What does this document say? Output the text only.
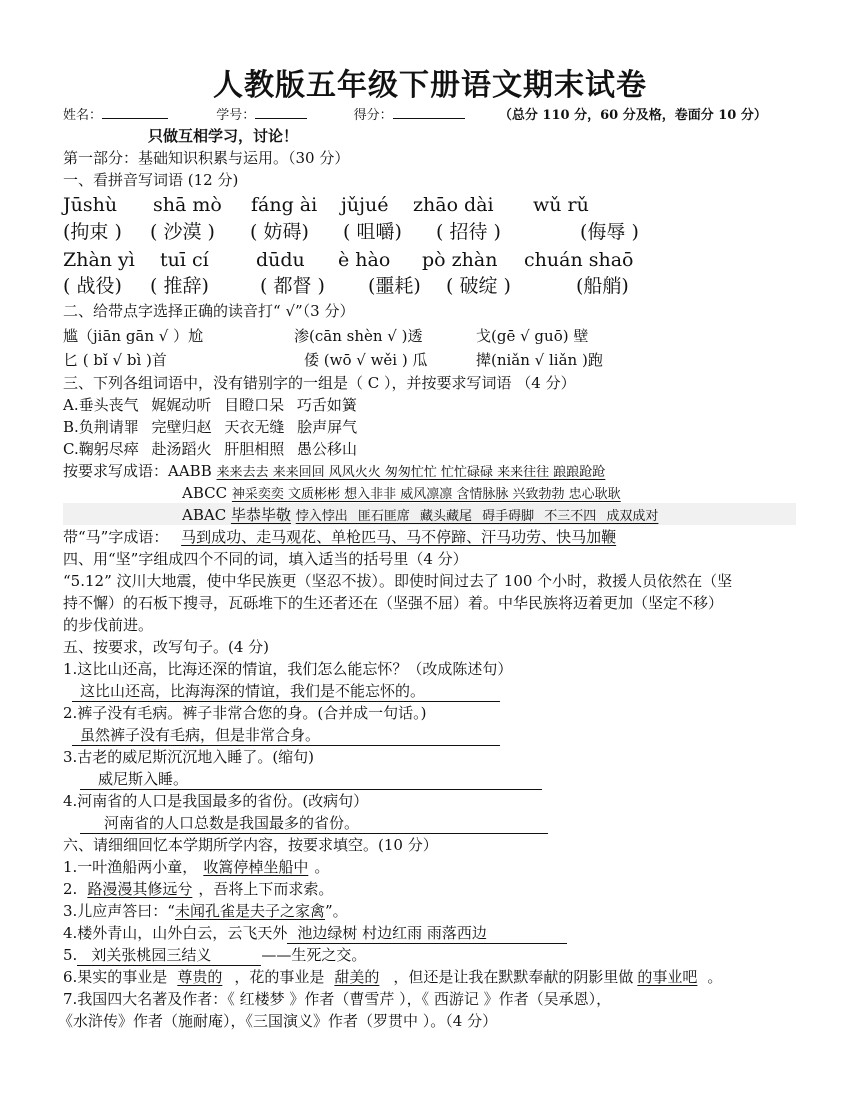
人教版五年级下册语文期末试卷
姓名：	学号：	得分：	（总分 110 分，60 分及格，卷面分 10 分）
只做互相学习，讨论！
第一部分：基础知识积累与运用。（30 分）
一、看拼音写词语 (12 分)
Jūshù shā mò fáng ài jǔjué zhāo dài wǔ rǔ
(拘束 ) ( 沙漠 ) ( 妨碍) ( 咀嚼) ( 招待 )	(侮辱 )
Zhàn yì tuī cí dūdu è hào pò zhàn chuán shaō
( 战役) ( 推辞)	( 都督 ) (噩耗) ( 破绽 )	(船艄)
二、给带点字选择正确的读音打“ √”（3 分）
尴（jiān gān √ ）尬	渗(cān shèn √ )透	戈(gē √ guō) 壁
匕 ( bǐ √ bì )首	倭 (wō √ wěi ) 瓜	撵(niǎn √ liǎn )跑
三、下列各组词语中，没有错别字的一组是（ C ），并按要求写词语 （4 分）
A.垂头丧气 娓娓动听 目瞪口呆 巧舌如簧
B.负荆请罪 完壁归赵 天衣无缝 脍声屏气
C.鞠躬尽瘁 赴汤蹈火 肝胆相照 愚公移山
按要求写成语：AABB 来来去去 来来回回 风风火火 匆匆忙忙 忙忙碌碌 来来往往 踉踉跄跄
ABCC 神采奕奕 文质彬彬 想入非非 威风凛凛 含情脉脉 兴致勃勃 忠心耿耿
ABAC 毕恭毕敬 悖入悖出 匪石匪席 藏头藏尾 碍手碍脚 不三不四 成双成对
带“马”字成语： 马到成功、走马观花、单枪匹马、马不停蹄、汗马功劳、快马加鞭
四、用“坚”字组成四个不同的词，填入适当的括号里（4 分）
“5.12” 汶川大地震，使中华民族更（坚忍不拔）。即使时间过去了 100 个小时，救援人员依然在（坚
持不懈）的石板下搜寻，瓦砾堆下的生还者还在（坚强不屈）着。中华民族将迈着更加（坚定不移）
的步伐前进。
五、按要求，改写句子。(4 分)
1.这比山还高，比海还深的情谊，我们怎么能忘怀？（改成陈述句）
这比山还高，比海海深的情谊，我们是不能忘怀的。
2.裤子没有毛病。裤子非常合您的身。(合并成一句话。)
虽然裤子没有毛病，但是非常合身。
3.古老的威尼斯沉沉地入睡了。(缩句)
威尼斯入睡。
4.河南省的人口是我国最多的省份。(改病句）
河南省的人口总数是我国最多的省份。
六、请细细回忆本学期所学内容，按要求填空。(10 分）
1.一叶渔船两小童， 收篙停棹坐船中 。
2. 路漫漫其修远兮 ，吾将上下而求索。
3.儿应声答曰：“未闻孔雀是夫子之家禽”。
4.楼外青山，山外白云，云飞天外 池边绿树 村边红雨 雨落西边
5. 刘关张桃园三结义	——生死之交。
6.果实的事业是 尊贵的 ，花的事业是 甜美的 ，但还是让我在默默奉献的阴影里做 的事业吧 。
7.我国四大名著及作者：《 红楼梦 》作者（曹雪芹 ），《 西游记 》作者（吴承恩），
《水浒传》作者（施耐庵），《三国演义》作者（罗贯中 ）。（4 分）
